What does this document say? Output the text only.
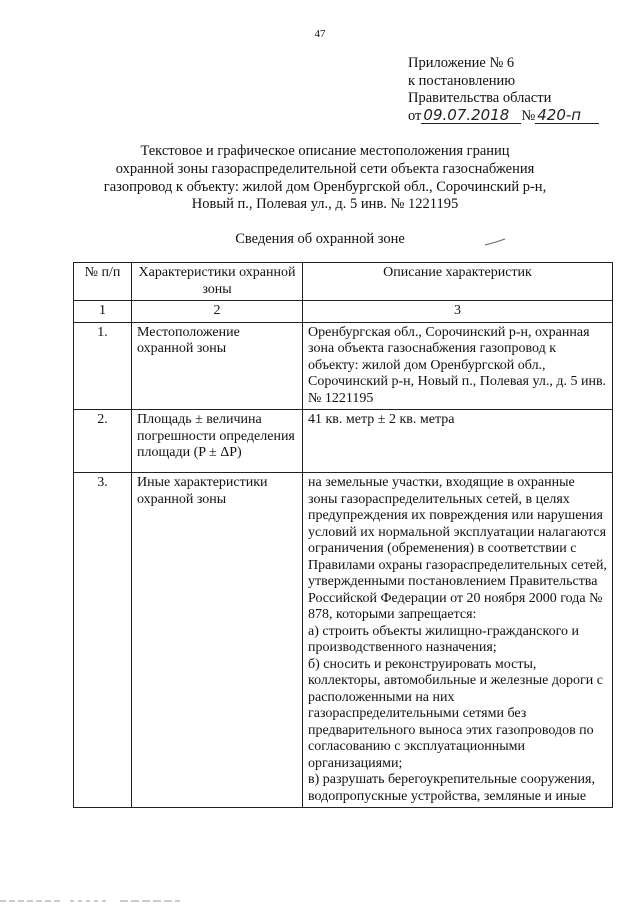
47
Приложение № 6
к постановлению
Правительства области
от 09.07.2018 № 420-п
Текстовое и графическое описание местоположения границ
охранной зоны газораспределительной сети объекта газоснабжения
газопровод к объекту: жилой дом Оренбургской обл., Сорочинский р-н,
Новый п., Полевая ул., д. 5 инв. № 1221195
Сведения об охранной зоне
№ п/п	Характеристики охранной зоны	Описание характеристик
1	2	3
1.	Местоположение охранной зоны	Оренбургская обл., Сорочинский р-н, охранная зона объекта газоснабжения газопровод к объекту: жилой дом Оренбургской обл., Сорочинский р-н, Новый п., Полевая ул., д. 5 инв. № 1221195
2.	Площадь ± величина погрешности определения площади (P ± ΔP)	41 кв. метр ± 2 кв. метра
3.	Иные характеристики охранной зоны	на земельные участки, входящие в охранные зоны газораспределительных сетей, в целях предупреждения их повреждения или нарушения условий их нормальной эксплуатации налагаются ограничения (обременения) в соответствии с Правилами охраны газораспределительных сетей, утвержденными постановлением Правительства Российской Федерации от 20 ноября 2000 года № 878, которыми запрещается:
а) строить объекты жилищно-гражданского и производственного назначения;
б) сносить и реконструировать мосты, коллекторы, автомобильные и железные дороги с расположенными на них газораспределительными сетями без предварительного выноса этих газопроводов по согласованию с эксплуатационными организациями;
в) разрушать берегоукрепительные сооружения, водопропускные устройства, земляные и иные
